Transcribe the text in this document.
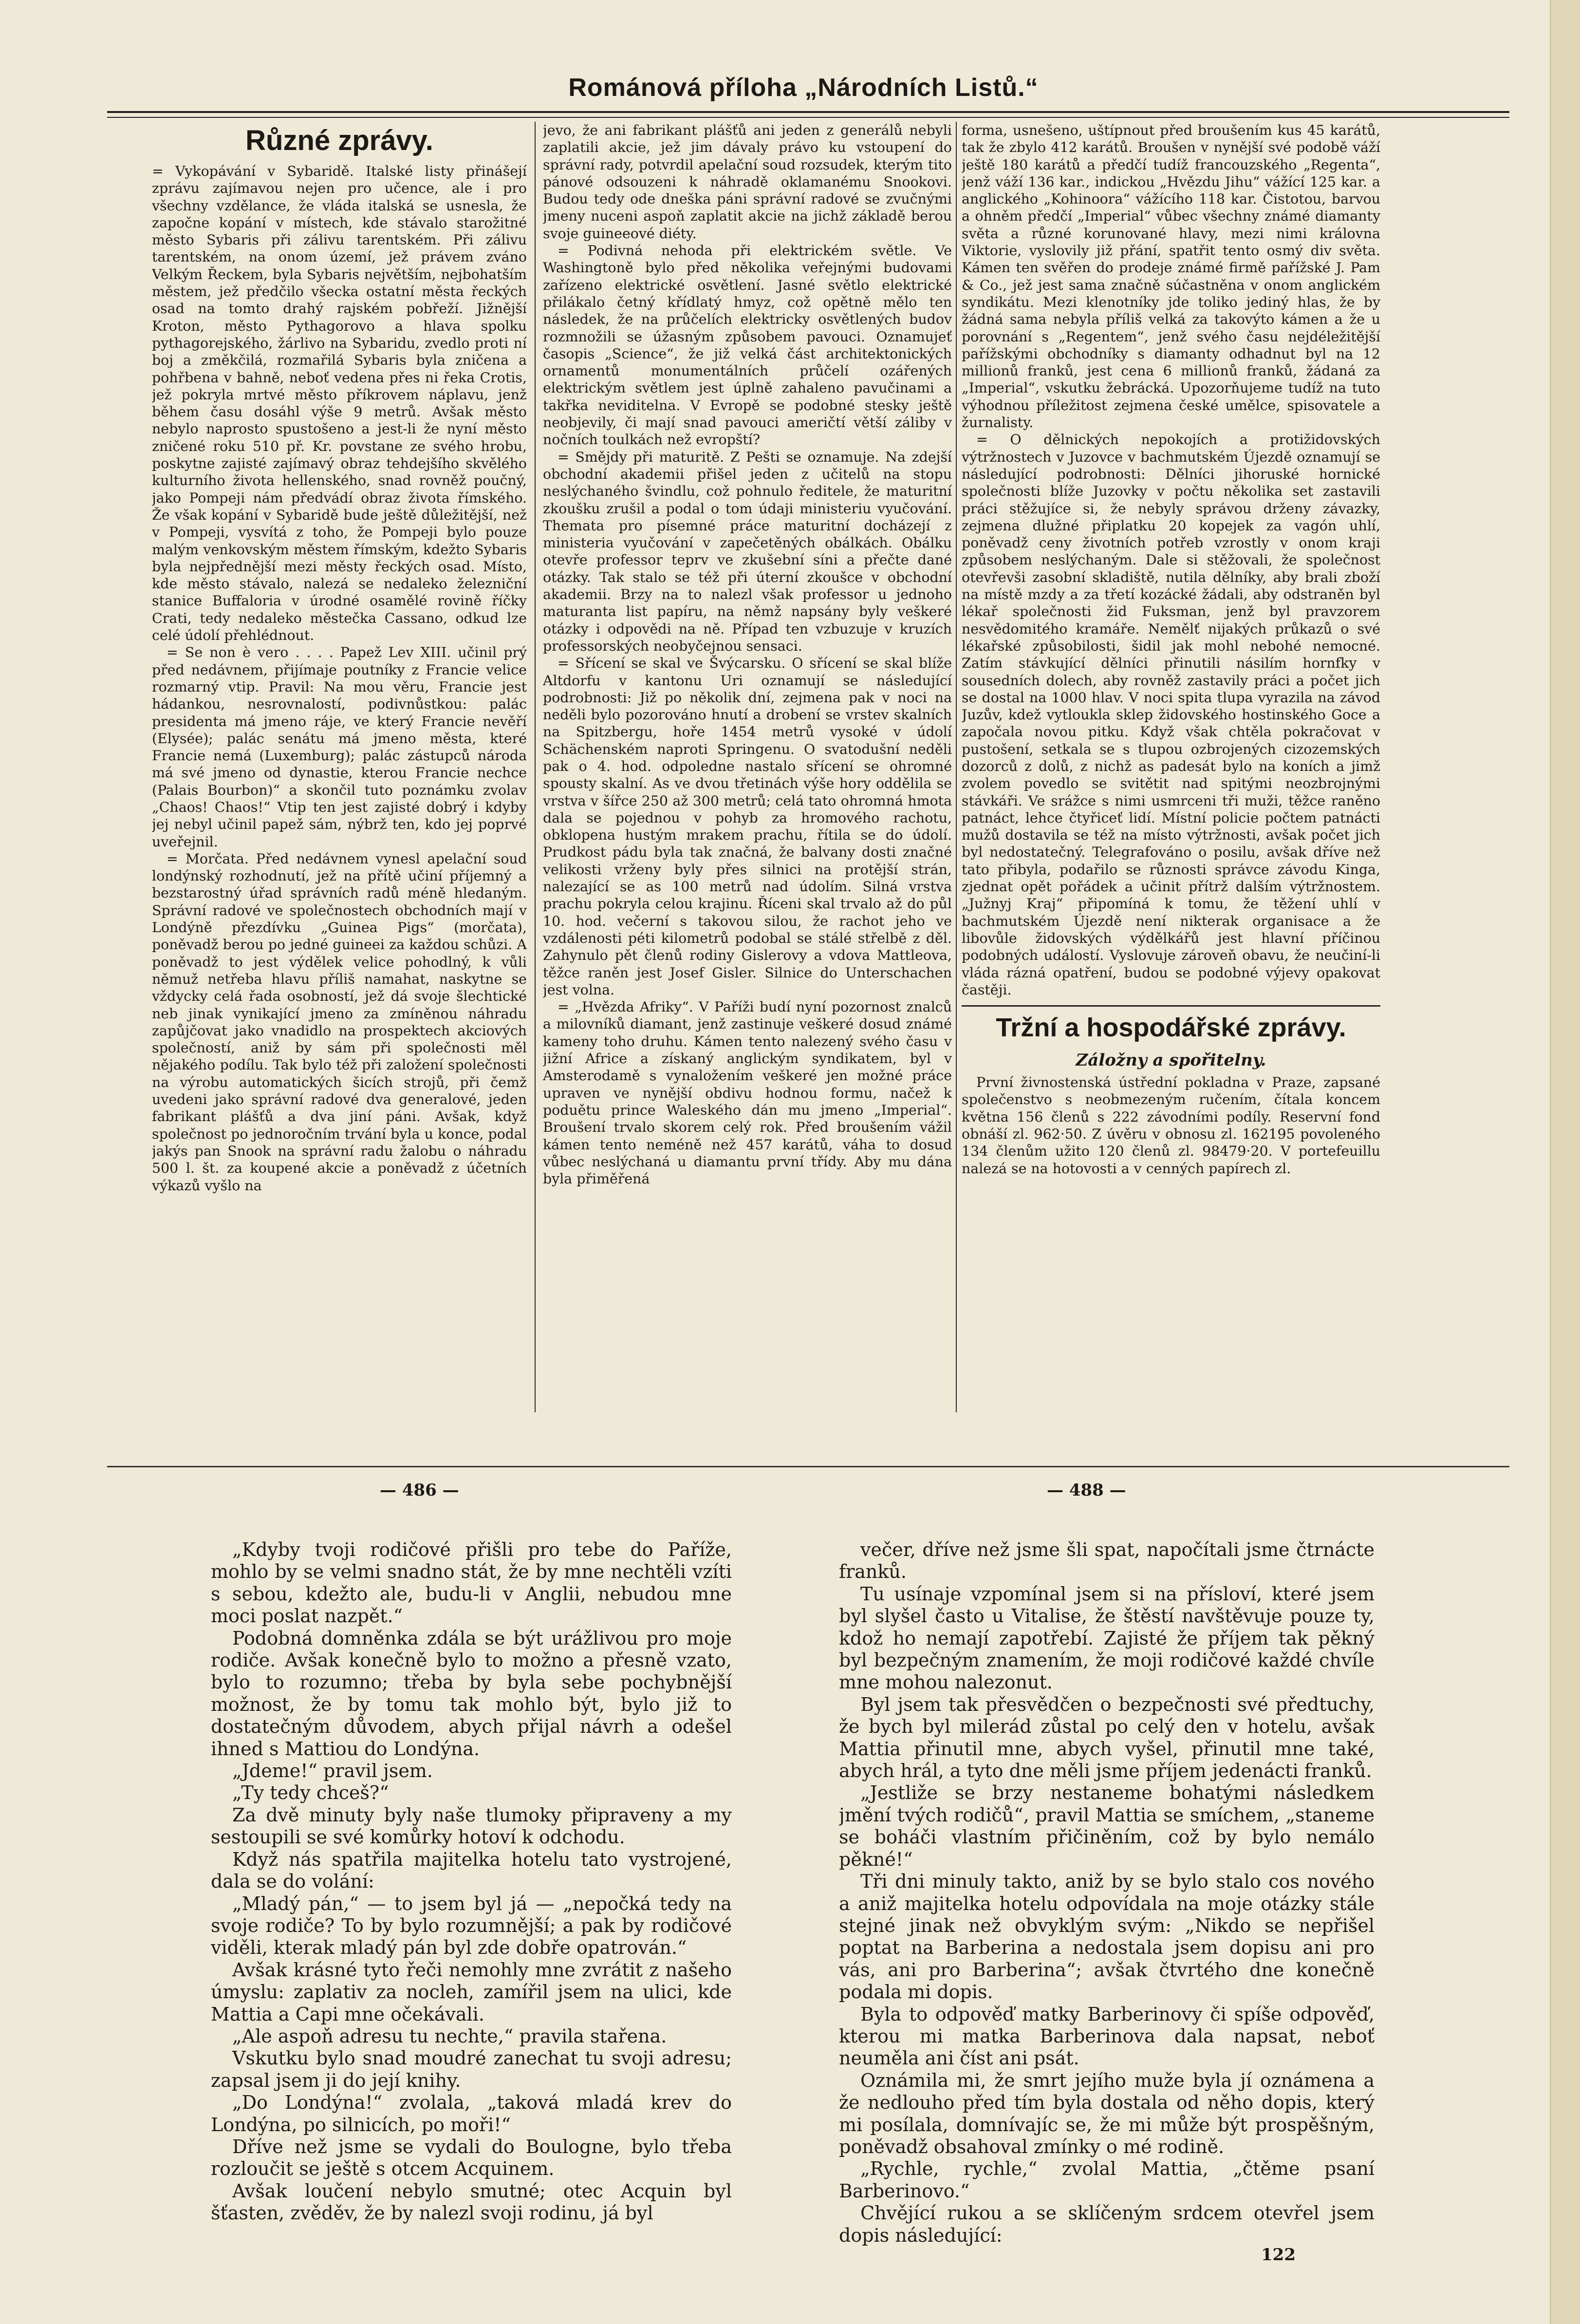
Románová příloha „Národních Listů.“
Různé zprávy.

= Vykopávání v Sybaridě. Italské listy přinášejí zprávu zajímavou nejen pro učence, ale i pro všechny vzdělance, že vláda italská se usnesla, že započne kopání v místech, kde stávalo starožitné město Sybaris při zálivu tarentském. Při zálivu tarentském, na onom území, jež právem zváno Velkým Řeckem, byla Sybaris největším, nejbohatším městem, jež předčilo všecka ostatní města řeckých osad na tomto drahý rajském pobřeží. Jižnější Kroton, město Pythagorovo a hlava spolku pythagorejského, žárlivo na Sybaridu, zvedlo proti ní boj a změkčilá, rozmařilá Sybaris byla zničena a pohřbena v bahně, neboť vedena přes ni řeka Crotis, jež pokryla mrtvé město příkrovem náplavu, jenž během času dosáhl výše 9 metrů. Avšak město nebylo naprosto spustošeno a jest-li že nyní město zničené roku 510 př. Kr. povstane ze svého hrobu, poskytne zajisté zajímavý obraz tehdejšího skvělého kulturního života hellenského, snad rovněž poučný, jako Pompeji nám předvádí obraz života římského. Že však kopání v Sybaridě bude ještě důležitější, než v Pompeji, vysvítá z toho, že Pompeji bylo pouze malým venkovským městem římským, kdežto Sybaris byla nejpřednější mezi městy řeckých osad. Místo, kde město stávalo, nalezá se nedaleko železniční stanice Buffaloria v úrodné osamělé rovině říčky Crati, tedy nedaleko městečka Cassano, odkud lze celé údolí přehlédnout.

= Se non è vero . . . . Papež Lev XIII. učinil prý před nedávnem, přijímaje poutníky z Francie velice rozmarný vtip. Pravil: Na mou věru, Francie jest hádankou, nesrovnalostí, podivnůstkou: palác presidenta má jmeno ráje, ve který Francie nevěří (Elysée); palác senátu má jmeno města, které Francie nemá (Luxemburg); palác zástupců národa má své jmeno od dynastie, kterou Francie nechce (Palais Bourbon)“ a skončil tuto poznámku zvolav „Chaos! Chaos!“ Vtip ten jest zajisté dobrý i kdyby jej nebyl učinil papež sám, nýbrž ten, kdo jej poprvé uveřejnil.

= Morčata. Před nedávnem vynesl apelační soud londýnský rozhodnutí, jež na přítě učiní příjemný a bezstarostný úřad správních radů méně hledaným. Správní radové ve společnostech obchodních mají v Londýně přezdívku „Guinea Pigs“ (morčata), poněvadž berou po jedné guineei za každou schůzi. A poněvadž to jest výdělek velice pohodlný, k vůli němuž netřeba hlavu příliš namahat, naskytne se vždycky celá řada osobností, jež dá svoje šlechtické neb jinak vynikající jmeno za zmíněnou náhradu zapůjčovat jako vnadidlo na prospektech akciových společností, aniž by sám při společnosti měl nějakého podílu. Tak bylo též při založení společnosti na výrobu automatických šicích strojů, při čemž uvedeni jako správní radové dva generalové, jeden fabrikant plášťů a dva jiní páni. Avšak, když společnost po jednoročním trvání byla u konce, podal jakýs pan Snook na správní radu žalobu o náhradu 500 l. št. za koupené akcie a poněvadž z účetních výkazů vyšlo na

jevo, že ani fabrikant plášťů ani jeden z generálů nebyli zaplatili akcie, jež jim dávaly právo ku vstoupení do správní rady, potvrdil apelační soud rozsudek, kterým tito pánové odsouzeni k náhradě oklamanému Snookovi. Budou tedy ode dneška páni správní radové se zvučnými jmeny nuceni aspoň zaplatit akcie na jichž základě berou svoje guineeové diéty.

= Podivná nehoda při elektrickém světle. Ve Washingtoně bylo před několika veřejnými budovami zařízeno elektrické osvětlení. Jasné světlo elektrické přilákalo četný křídlatý hmyz, což opětně mělo ten následek, že na průčelích elektricky osvětlených budov rozmnožili se úžasným způsobem pavouci. Oznamujeť časopis „Science“, že již velká část architektonických ornamentů monumentálních průčelí ozářených elektrickým světlem jest úplně zahaleno pavučinami a takřka neviditelna. V Evropě se podobné stesky ještě neobjevily, či mají snad pavouci američtí větší záliby v nočních toulkách než evropští?

= Smějdy při maturitě. Z Pešti se oznamuje. Na zdejší obchodní akademii přišel jeden z učitelů na stopu neslýchaného švindlu, což pohnulo ředitele, že maturitní zkoušku zrušil a podal o tom údaji ministeriu vyučování. Themata pro písemné práce maturitní docházejí z ministeria vyučování v zapečetěných obálkách. Obálku otevře professor teprv ve zkušební síni a přečte dané otázky. Tak stalo se též při úterní zkoušce v obchodní akademii. Brzy na to nalezl však professor u jednoho maturanta list papíru, na němž napsány byly veškeré otázky i odpovědi na ně. Případ ten vzbuzuje v kruzích professorských neobyčejnou sensaci.

= Sřícení se skal ve Švýcarsku. O sřícení se skal blíže Altdorfu v kantonu Uri oznamují se následující podrobnosti: Již po několik dní, zejmena pak v noci na neděli bylo pozorováno hnutí a drobení se vrstev skalních na Spitzbergu, hoře 1454 metrů vysoké v údolí Schächenském naproti Springenu. O svatodušní neděli pak o 4. hod. odpoledne nastalo sřícení se ohromné spousty skalní. As ve dvou třetinách výše hory oddělila se vrstva v šířce 250 až 300 metrů; celá tato ohromná hmota dala se pojednou v pohyb za hromového rachotu, obklopena hustým mrakem prachu, řítila se do údolí. Prudkost pádu byla tak značná, že balvany dosti značné velikosti vrženy byly přes silnici na protější strán, nalezající se as 100 metrů nad údolím. Silná vrstva prachu pokryla celou krajinu. Říceni skal trvalo až do půl 10. hod. večerní s takovou silou, že rachot jeho ve vzdálenosti péti kilometrů podobal se stálé střelbě z děl. Zahynulo pět členů rodiny Gislerovy a vdova Mattleova, těžce raněn jest Josef Gisler. Silnice do Unterschachen jest volna.

= „Hvězda Afriky“. V Paříži budí nyní pozornost znalců a milovníků diamant, jenž zastinuje veškeré dosud známé kameny toho druhu. Kámen tento nalezený svého času v jižní Africe a získaný anglickým syndikatem, byl v Amsterodamě s vynaložením veškeré jen možné práce upraven ve nynější obdivu hodnou formu, načež k poduětu prince Waleského dán mu jmeno „Imperial“. Broušení trvalo skorem celý rok. Před broušením vážil kámen tento neméně než 457 karátů, váha to dosud vůbec neslýchaná u diamantu první třídy. Aby mu dána byla přiměřená

forma, usnešeno, uštípnout před broušením kus 45 karátů, tak že zbylo 412 karátů. Broušen v nynější své podobě váží ještě 180 karátů a předčí tudíž francouzského „Regenta“, jenž váží 136 kar., indickou „Hvězdu Jihu“ vážící 125 kar. a anglického „Kohinoora“ vážícího 118 kar. Čistotou, barvou a ohněm předčí „Imperial“ vůbec všechny známé diamanty světa a různé korunované hlavy, mezi nimi královna Viktorie, vyslovily již přání, spatřit tento osmý div světa. Kámen ten svěřen do prodeje známé firmě pařížské J. Pam & Co., jež jest sama značně súčastněna v onom anglickém syndikátu. Mezi klenotníky jde toliko jediný hlas, že by žádná sama nebyla příliš velká za takovýto kámen a že u porovnání s „Regentem“, jenž svého času nejdéležitější pařížskými obchodníky s diamanty odhadnut byl na 12 millionů franků, jest cena 6 millionů franků, žádaná za „Imperial“, vskutku žebrácká. Upozorňujeme tudíž na tuto výhodnou příležitost zejmena české umělce, spisovatele a žurnalisty.

= O dělnických nepokojích a protižidovských výtržnostech v Juzovce v bachmutském Újezdě oznamují se následující podrobnosti: Dělníci jihoruské hornické společnosti blíže Juzovky v počtu několika set zastavili práci stěžujíce si, že nebyly správou drženy závazky, zejmena dlužné připlatku 20 kopejek za vagón uhlí, poněvadž ceny životních potřeb vzrostly v onom kraji způsobem neslýchaným. Dale si stěžovali, že společnost otevřevši zasobní skladiště, nutila dělníky, aby brali zboží na místě mzdy a za třetí kozácké žádali, aby odstraněn byl lékař společnosti žid Fuksman, jenž byl pravzorem nesvědomitého kramáře. Nemělť nijakých průkazů o své lékařské způsobilosti, šidil jak mohl nebohé nemocné. Zatím stávkující dělníci přinutili násilím hornfky v sousedních dolech, aby rovněž zastavily práci a počet jich se dostal na 1000 hlav. V noci spita tlupa vyrazila na závod Juzův, kdež vytloukla sklep židovského hostinského Goce a započala novou pitku. Když však chtěla pokračovat v pustošení, setkala se s tlupou ozbrojených cizozemských dozorců z dolů, z nichž as padesát bylo na koních a jimž zvolem povedlo se svitětit nad spitými neozbrojnými stávkáři. Ve srážce s nimi usmrceni tři muži, těžce raněno patnáct, lehce čtyřiceť lidí. Místní policie počtem patnácti mužů dostavila se též na místo výtržnosti, avšak počet jich byl nedostatečný. Telegrafováno o posilu, avšak dříve než tato přibyla, podařilo se různosti správce závodu Kinga, zjednat opět pořádek a učinit přítrž dalším výtržnostem. „Južnyj Kraj“ připomíná k tomu, že těžení uhlí v bachmutském Újezdě není nikterak organisace a že libovůle židovských výdělkářů jest hlavní příčinou podobných událostí. Vyslovuje zároveň obavu, že neučiní-li vláda rázná opatření, budou se podobné výjevy opakovat častěji.

Tržní a hospodářské zprávy.
Záložny a spořitelny.

První živnostenská ústřední pokladna v Praze, zapsané společenstvo s neobmezeným ručením, čítala koncem května 156 členů s 222 závodními podíly. Reservní fond obnáší zl. 962·50. Z úvěru v obnosu zl. 162195 povoleného 134 členům užito 120 členů zl. 98479·20. V portefeuillu nalezá se na hotovosti a v cenných papírech zl.

— 486 —	— 488 —

„Kdyby tvoji rodičové přišli pro tebe do Paříže, mohlo by se velmi snadno stát, že by mne nechtěli vzíti s sebou, kdežto ale, budu-li v Anglii, nebudou mne moci poslat nazpět.“

Podobná domněnka zdála se být urážlivou pro moje rodiče. Avšak konečně bylo to možno a přesně vzato, bylo to rozumno; třeba by byla sebe pochybnější možnost, že by tomu tak mohlo být, bylo již to dostatečným důvodem, abych přijal návrh a odešel ihned s Mattiou do Londýna.

„Jdeme!“ pravil jsem.

„Ty tedy chceš?“

Za dvě minuty byly naše tlumoky připraveny a my sestoupili se své komůrky hotoví k odchodu.

Když nás spatřila majitelka hotelu tato vystrojené, dala se do volání:

„Mladý pán,“ — to jsem byl já — „nepočká tedy na svoje rodiče? To by bylo rozumnější; a pak by rodičové viděli, kterak mladý pán byl zde dobře opatrován.“

Avšak krásné tyto řeči nemohly mne zvrátit z našeho úmyslu: zaplativ za nocleh, zamířil jsem na ulici, kde Mattia a Capi mne očekávali.

„Ale aspoň adresu tu nechte,“ pravila stařena.

Vskutku bylo snad moudré zanechat tu svoji adresu; zapsal jsem ji do její knihy.

„Do Londýna!“ zvolala, „taková mladá krev do Londýna, po silnicích, po moři!“

Dříve než jsme se vydali do Boulogne, bylo třeba rozloučit se ještě s otcem Acquinem.

Avšak loučení nebylo smutné; otec Acquin byl šťasten, zvěděv, že by nalezl svoji rodinu, já byl

večer, dříve než jsme šli spat, napočítali jsme čtrnácte franků.

Tu usínaje vzpomínal jsem si na přísloví, které jsem byl slyšel často u Vitalise, že štěstí navštěvuje pouze ty, kdož ho nemají zapotřebí. Zajisté že příjem tak pěkný byl bezpečným znamením, že moji rodičové každé chvíle mne mohou nalezonut.

Byl jsem tak přesvědčen o bezpečnosti své předtuchy, že bych byl milerád zůstal po celý den v hotelu, avšak Mattia přinutil mne, abych vyšel, přinutil mne také, abych hrál, a tyto dne měli jsme příjem jedenácti franků.

„Jestliže se brzy nestaneme bohatými následkem jmění tvých rodičů“, pravil Mattia se smíchem, „staneme se boháči vlastním přičiněním, což by bylo nemálo pěkné!“

Tři dni minuly takto, aniž by se bylo stalo cos nového a aniž majitelka hotelu odpovídala na moje otázky stále stejné jinak než obvyklým svým: „Nikdo se nepřišel poptat na Barberina a nedostala jsem dopisu ani pro vás, ani pro Barberina“; avšak čtvrtého dne konečně podala mi dopis.

Byla to odpověď matky Barberinovy či spíše odpověď, kterou mi matka Barberinova dala napsat, neboť neuměla ani číst ani psát.

Oznámila mi, že smrt jejího muže byla jí oznámena a že nedlouho před tím byla dostala od něho dopis, který mi posílala, domnívajíc se, že mi může být prospěšným, poněvadž obsahoval zmínky o mé rodině.

„Rychle, rychle,“ zvolal Mattia, „čtěme psaní Barberinovo.“

Chvějící rukou a se sklíčeným srdcem otevřel jsem dopis následující:

122
